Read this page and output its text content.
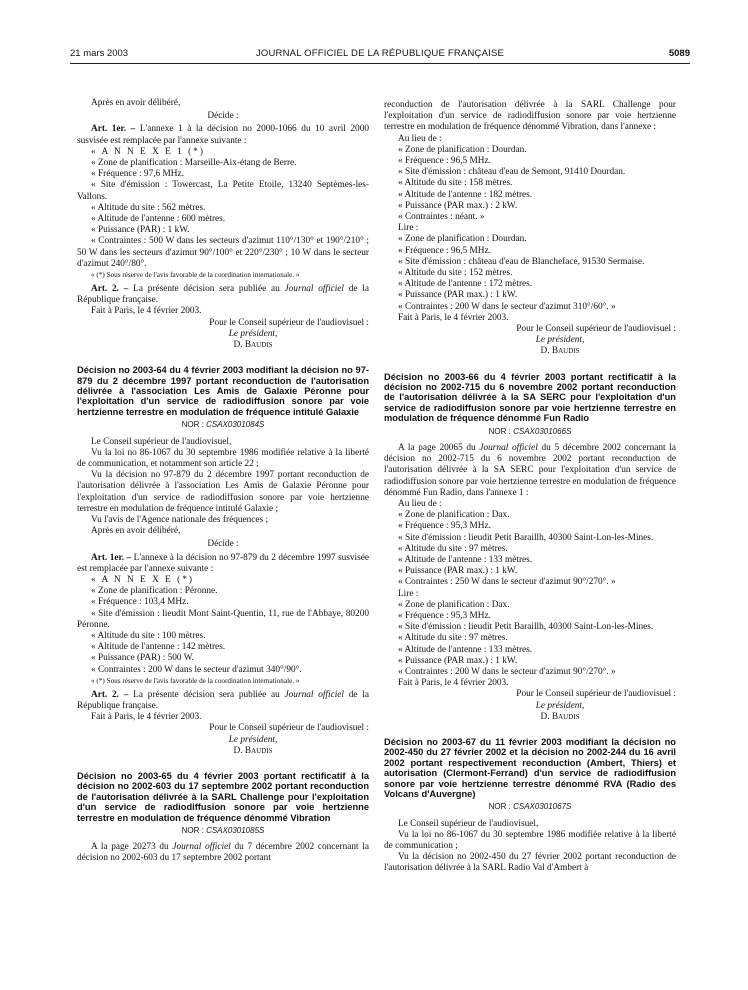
21 mars 2003	JOURNAL OFFICIEL DE LA RÉPUBLIQUE FRANÇAISE	5089

Après en avoir délibéré,

Décide :

Art. 1er. – L'annexe 1 à la décision no 2000-1066 du 10 avril 2000 susvisée est remplacée par l'annexe suivante :

« A N N E X E 1 (*)

« Zone de planification : Marseille-Aix-étang de Berre.

« Fréquence : 97,6 MHz.

« Site d'émission : Towercast, La Petite Etoile, 13240 Septèmes-les-Vallons.

« Altitude du site : 562 mètres.

« Altitude de l'antenne : 600 mètres.

« Puissance (PAR) : 1 kW.

« Contraintes : 500 W dans les secteurs d'azimut 110°/130° et 190°/210° ; 50 W dans les secteurs d'azimut 90°/100° et 220°/230° ; 10 W dans le secteur d'azimut 240°/80°.

« (*) Sous réserve de l'avis favorable de la coordination internationale. »

Art. 2. – La présente décision sera publiée au Journal officiel de la République française.

Fait à Paris, le 4 février 2003.

Pour le Conseil supérieur de l'audiovisuel :

Le président,

D. Baudis

Décision no 2003-64 du 4 février 2003 modifiant la décision no 97-879 du 2 décembre 1997 portant reconduction de l'autorisation délivrée à l'association Les Amis de Galaxie Péronne pour l'exploitation d'un service de radiodiffusion sonore par voie hertzienne terrestre en modulation de fréquence intitulé Galaxie
NOR : CSAX0301084S

Le Conseil supérieur de l'audiovisuel,

Vu la loi no 86-1067 du 30 septembre 1986 modifiée relative à la liberté de communication, et notamment son article 22 ;

Vu la décision no 97-879 du 2 décembre 1997 portant reconduction de l'autorisation délivrée à l'association Les Amis de Galaxie Péronne pour l'exploitation d'un service de radiodiffusion sonore par voie hertzienne terrestre en modulation de fréquence intitulé Galaxie ;

Vu l'avis de l'Agence nationale des fréquences ;

Après en avoir délibéré,

Décide :

Art. 1er. – L'annexe à la décision no 97-879 du 2 décembre 1997 susvisée est remplacée par l'annexe suivante :

« A N N E X E (*)

« Zone de planification : Péronne.

« Fréquence : 103,4 MHz.

« Site d'émission : lieudit Mont Saint-Quentin, 11, rue de l'Abbaye, 80200 Péronne.

« Altitude du site : 100 mètres.

« Altitude de l'antenne : 142 mètres.

« Puissance (PAR) : 500 W.

« Contraintes : 200 W dans le secteur d'azimut 340°/90°.

« (*) Sous réserve de l'avis favorable de la coordination internationale. »

Art. 2. – La présente décision sera publiée au Journal officiel de la République française.

Fait à Paris, le 4 février 2003.

Pour le Conseil supérieur de l'audiovisuel :

Le président,

D. Baudis

Décision no 2003-65 du 4 février 2003 portant rectificatif à la décision no 2002-603 du 17 septembre 2002 portant reconduction de l'autorisation délivrée à la SARL Challenge pour l'exploitation d'un service de radiodiffusion sonore par voie hertzienne terrestre en modulation de fréquence dénommé Vibration
NOR : CSAX0301085S

A la page 20273 du Journal officiel du 7 décembre 2002 concernant la décision no 2002-603 du 17 septembre 2002 portant

reconduction de l'autorisation délivrée à la SARL Challenge pour l'exploitation d'un service de radiodiffusion sonore par voie hertzienne terrestre en modulation de fréquence dénommé Vibration, dans l'annexe :

Au lieu de :

« Zone de planification : Dourdan.

« Fréquence : 96,5 MHz.

« Site d'émission : château d'eau de Semont, 91410 Dourdan.

« Altitude du site : 158 mètres.

« Altitude de l'antenne : 182 mètres.

« Puissance (PAR max.) : 2 kW.

« Contraintes : néant. »

Lire :

« Zone de planification : Dourdan.

« Fréquence : 96,5 MHz.

« Site d'émission : château d'eau de Blancheface, 91530 Sermaise.

« Altitude du site : 152 mètres.

« Altitude de l'antenne : 172 mètres.

« Puissance (PAR max.) : 1 kW.

« Contraintes : 200 W dans le secteur d'azimut 310°/60°. »

Fait à Paris, le 4 février 2003.

Pour le Conseil supérieur de l'audiovisuel :

Le président,

D. Baudis

Décision no 2003-66 du 4 février 2003 portant rectificatif à la décision no 2002-715 du 6 novembre 2002 portant reconduction de l'autorisation délivrée à la SA SERC pour l'exploitation d'un service de radiodiffusion sonore par voie hertzienne terrestre en modulation de fréquence dénommé Fun Radio
NOR : CSAX0301066S

A la page 20065 du Journal officiel du 5 décembre 2002 concernant la décision no 2002-715 du 6 novembre 2002 portant reconduction de l'autorisation délivrée à la SA SERC pour l'exploitation d'un service de radiodiffusion sonore par voie hertzienne terrestre en modulation de fréquence dénommé Fun Radio, dans l'annexe 1 :

Au lieu de :

« Zone de planification : Dax.

« Fréquence : 95,3 MHz.

« Site d'émission : lieudit Petit Baraillh, 40300 Saint-Lon-les-Mines.

« Altitude du site : 97 mètres.

« Altitude de l'antenne : 133 mètres.

« Puissance (PAR max.) : 1 kW.

« Contraintes : 250 W dans le secteur d'azimut 90°/270°. »

Lire :

« Zone de planification : Dax.

« Fréquence : 95,3 MHz.

« Site d'émission : lieudit Petit Baraillh, 40300 Saint-Lon-les-Mines.

« Altitude du site : 97 mètres.

« Altitude de l'antenne : 133 mètres.

« Puissance (PAR max.) : 1 kW.

« Contraintes : 200 W dans le secteur d'azimut 90°/270°. »

Fait à Paris, le 4 février 2003.

Pour le Conseil supérieur de l'audiovisuel :

Le président,

D. Baudis

Décision no 2003-67 du 11 février 2003 modifiant la décision no 2002-450 du 27 février 2002 et la décision no 2002-244 du 16 avril 2002 portant respectivement reconduction (Ambert, Thiers) et autorisation (Clermont-Ferrand) d'un service de radiodiffusion sonore par voie hertzienne terrestre dénommé RVA (Radio des Volcans d'Auvergne)
NOR : CSAX0301067S

Le Conseil supérieur de l'audiovisuel,

Vu la loi no 86-1067 du 30 septembre 1986 modifiée relative à la liberté de communication ;

Vu la décision no 2002-450 du 27 février 2002 portant reconduction de l'autorisation délivrée à la SARL Radio Val d'Ambert à
